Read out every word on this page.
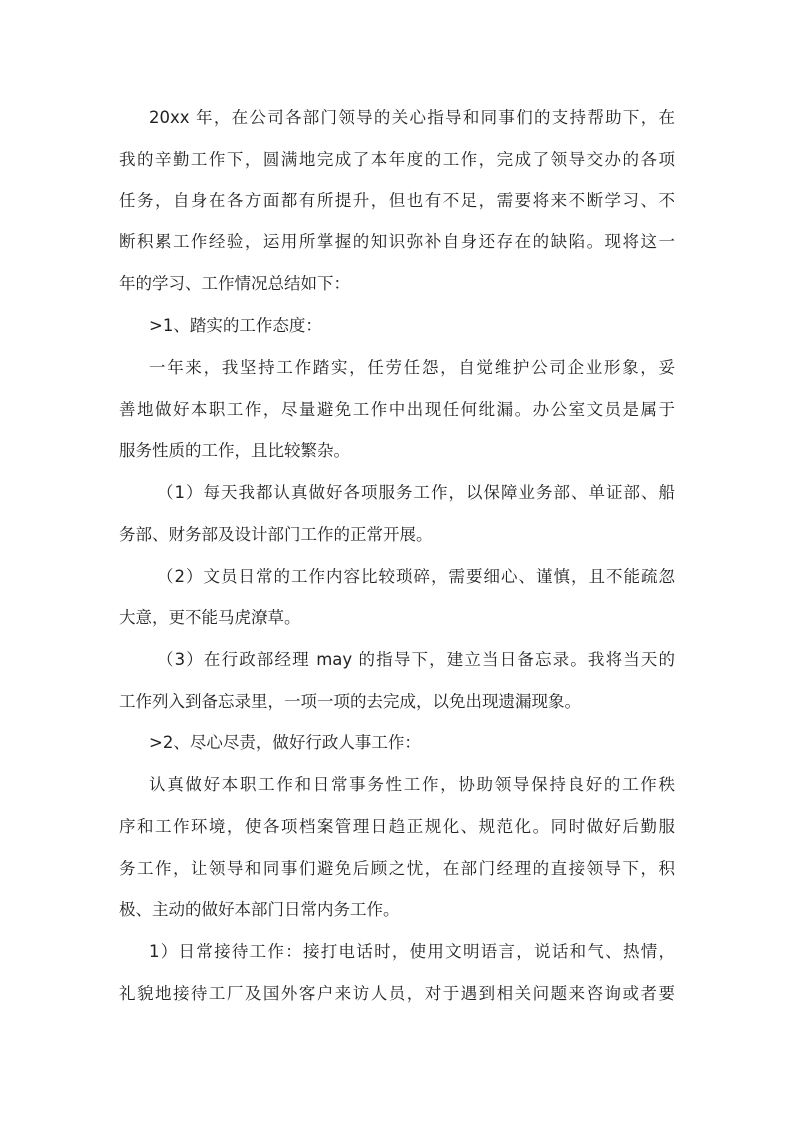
20xx 年，在公司各部门领导的关心指导和同事们的支持帮助下，在
我的辛勤工作下，圆满地完成了本年度的工作，完成了领导交办的各项
任务，自身在各方面都有所提升，但也有不足，需要将来不断学习、不
断积累工作经验，运用所掌握的知识弥补自身还存在的缺陷。现将这一
年的学习、工作情况总结如下：
>1、踏实的工作态度：
一年来，我坚持工作踏实，任劳任怨，自觉维护公司企业形象，妥
善地做好本职工作，尽量避免工作中出现任何纰漏。办公室文员是属于
服务性质的工作，且比较繁杂。
（1）每天我都认真做好各项服务工作，以保障业务部、单证部、船
务部、财务部及设计部门工作的正常开展。
（2）文员日常的工作内容比较琐碎，需要细心、谨慎，且不能疏忽
大意，更不能马虎潦草。
（3）在行政部经理 may 的指导下，建立当日备忘录。我将当天的
工作列入到备忘录里，一项一项的去完成，以免出现遗漏现象。
>2、尽心尽责，做好行政人事工作：
认真做好本职工作和日常事务性工作，协助领导保持良好的工作秩
序和工作环境，使各项档案管理日趋正规化、规范化。同时做好后勤服
务工作，让领导和同事们避免后顾之忧，在部门经理的直接领导下，积
极、主动的做好本部门日常内务工作。
1）日常接待工作：接打电话时，使用文明语言，说话和气、热情，
礼貌地接待工厂及国外客户来访人员，对于遇到相关问题来咨询或者要
